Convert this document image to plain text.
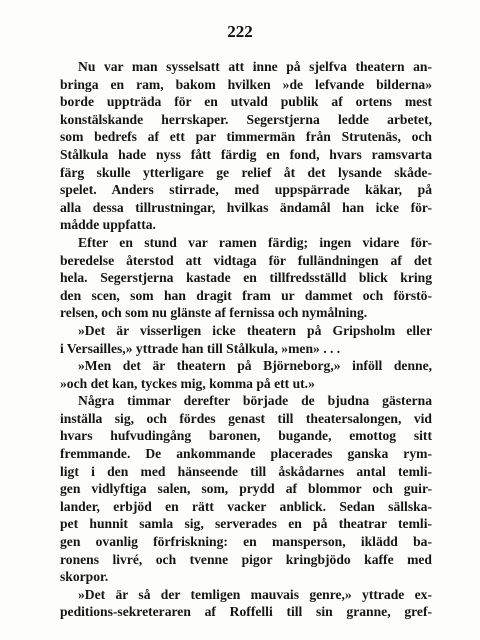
222
Nu var man sysselsatt att inne på sjelfva theatern an-
bringa en ram, bakom hvilken »de lefvande bilderna»
borde uppträda för en utvald publik af ortens mest
konstälskande herrskaper. Segerstjerna ledde arbetet,
som bedrefs af ett par timmermän från Strutenäs, och
Stålkula hade nyss fått färdig en fond, hvars ramsvarta
färg skulle ytterligare ge relief åt det lysande skåde-
spelet. Anders stirrade, med uppspärrade käkar, på
alla dessa tillrustningar, hvilkas ändamål han icke för-
mådde uppfatta.
Efter en stund var ramen färdig; ingen vidare för-
beredelse återstod att vidtaga för fulländningen af det
hela. Segerstjerna kastade en tillfredsställd blick kring
den scen, som han dragit fram ur dammet och förstö-
relsen, och som nu glänste af fernissa och nymålning.
»Det är visserligen icke theatern på Gripsholm eller
i Versailles,» yttrade han till Stålkula, »men» . . .
»Men det är theatern på Björneborg,» inföll denne,
»och det kan, tyckes mig, komma på ett ut.»
Några timmar derefter började de bjudna gästerna
inställa sig, och fördes genast till theatersalongen, vid
hvars hufvudingång baronen, bugande, emottog sitt
fremmande. De ankommande placerades ganska rym-
ligt i den med hänseende till åskådarnes antal temli-
gen vidlyftiga salen, som, prydd af blommor och guir-
lander, erbjöd en rätt vacker anblick. Sedan sällska-
pet hunnit samla sig, serverades en på theatrar temli-
gen ovanlig förfriskning: en mansperson, iklädd ba-
ronens livré, och tvenne pigor kringbjödo kaffe med
skorpor.
»Det är så der temligen mauvais genre,» yttrade ex-
peditions-sekreteraren af Roffelli till sin granne, gref-
